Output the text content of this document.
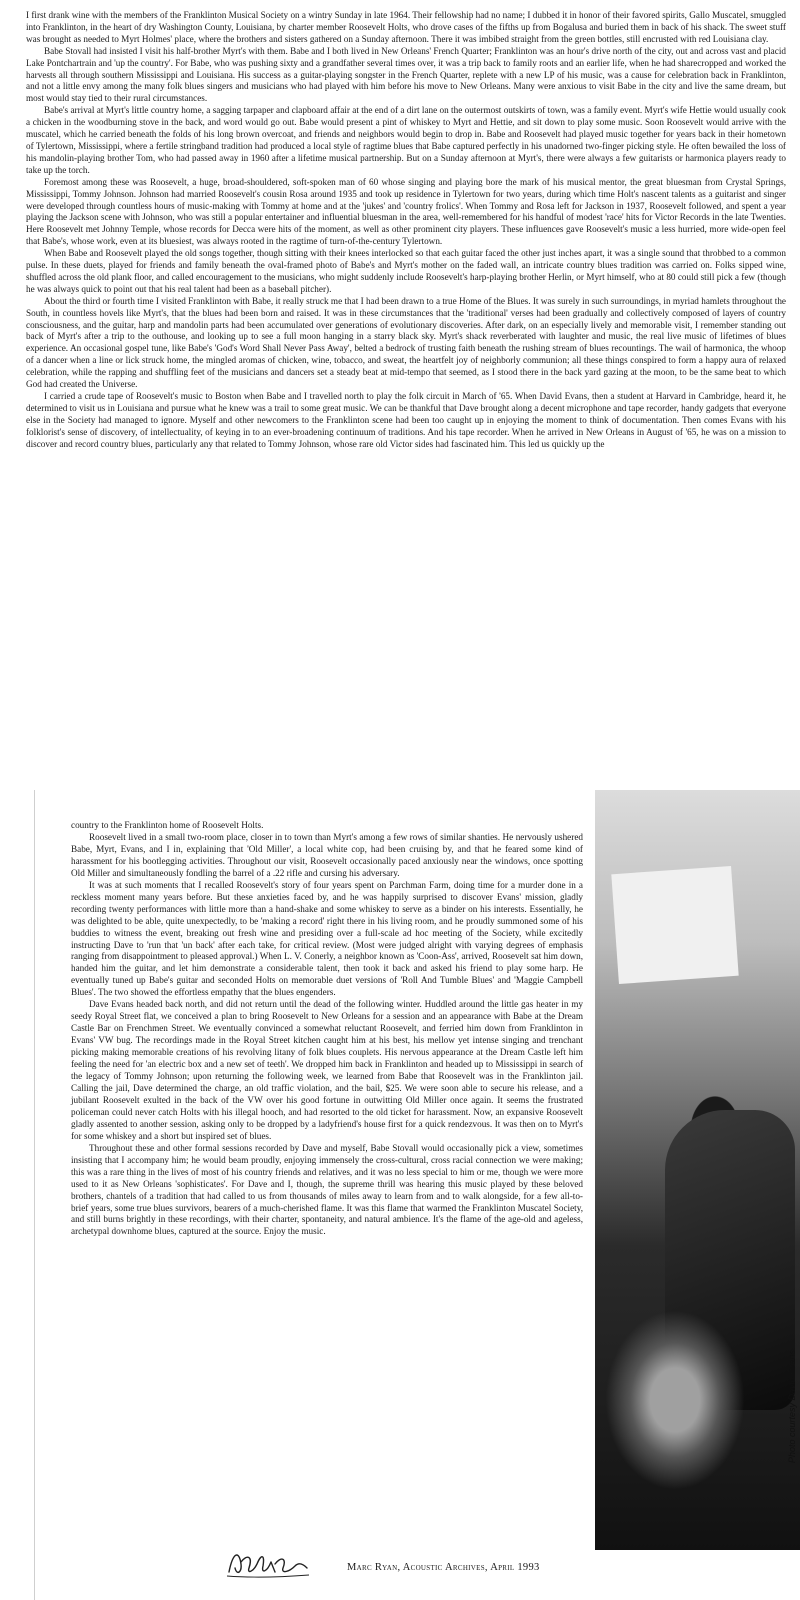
I first drank wine with the members of the Franklinton Musical Society on a wintry Sunday in late 1964. Their fellowship had no name; I dubbed it in honor of their favored spirits, Gallo Muscatel, smuggled into Franklinton, in the heart of dry Washington County, Louisiana, by charter member Roosevelt Holts, who drove cases of the fifths up from Bogalusa and buried them in back of his shack. The sweet stuff was brought as needed to Myrt Holmes' place, where the brothers and sisters gathered on a Sunday afternoon. There it was imbibed straight from the green bottles, still encrusted with red Louisiana clay.

Babe Stovall had insisted I visit his half-brother Myrt's with them. Babe and I both lived in New Orleans' French Quarter; Franklinton was an hour's drive north of the city, out and across vast and placid Lake Pontchartrain and 'up the country'. For Babe, who was pushing sixty and a grandfather several times over, it was a trip back to family roots and an earlier life, when he had sharecropped and worked the harvests all through southern Mississippi and Louisiana. His success as a guitar-playing songster in the French Quarter, replete with a new LP of his music, was a cause for celebration back in Franklinton, and not a little envy among the many folk blues singers and musicians who had played with him before his move to New Orleans. Many were anxious to visit Babe in the city and live the same dream, but most would stay tied to their rural circumstances.

Babe's arrival at Myrt's little country home, a sagging tarpaper and clapboard affair at the end of a dirt lane on the outermost outskirts of town, was a family event. Myrt's wife Hettie would usually cook a chicken in the woodburning stove in the back, and word would go out. Babe would present a pint of whiskey to Myrt and Hettie, and sit down to play some music. Soon Roosevelt would arrive with the muscatel, which he carried beneath the folds of his long brown overcoat, and friends and neighbors would begin to drop in. Babe and Roosevelt had played music together for years back in their hometown of Tylertown, Mississippi, where a fertile stringband tradition had produced a local style of ragtime blues that Babe captured perfectly in his unadorned two-finger picking style. He often bewailed the loss of his mandolin-playing brother Tom, who had passed away in 1960 after a lifetime musical partnership. But on a Sunday afternoon at Myrt's, there were always a few guitarists or harmonica players ready to take up the torch.

Foremost among these was Roosevelt, a huge, broad-shouldered, soft-spoken man of 60 whose singing and playing bore the mark of his musical mentor, the great bluesman from Crystal Springs, Mississippi, Tommy Johnson. Johnson had married Roosevelt's cousin Rosa around 1935 and took up residence in Tylertown for two years, during which time Holt's nascent talents as a guitarist and singer were developed through countless hours of music-making with Tommy at home and at the 'jukes' and 'country frolics'. When Tommy and Rosa left for Jackson in 1937, Roosevelt followed, and spent a year playing the Jackson scene with Johnson, who was still a popular entertainer and influential bluesman in the area, well-remembered for his handful of modest 'race' hits for Victor Records in the late Twenties. Here Roosevelt met Johnny Temple, whose records for Decca were hits of the moment, as well as other prominent city players. These influences gave Roosevelt's music a less hurried, more wide-open feel that Babe's, whose work, even at its bluesiest, was always rooted in the ragtime of turn-of-the-century Tylertown.

When Babe and Roosevelt played the old songs together, though sitting with their knees interlocked so that each guitar faced the other just inches apart, it was a single sound that throbbed to a common pulse. In these duets, played for friends and family beneath the oval-framed photo of Babe's and Myrt's mother on the faded wall, an intricate country blues tradition was carried on. Folks sipped wine, shuffled across the old plank floor, and called encouragement to the musicians, who might suddenly include Roosevelt's harp-playing brother Herlin, or Myrt himself, who at 80 could still pick a few (though he was always quick to point out that his real talent had been as a baseball pitcher).

About the third or fourth time I visited Franklinton with Babe, it really struck me that I had been drawn to a true Home of the Blues. It was surely in such surroundings, in myriad hamlets throughout the South, in countless hovels like Myrt's, that the blues had been born and raised. It was in these circumstances that the 'traditional' verses had been gradually and collectively composed of layers of country consciousness, and the guitar, harp and mandolin parts had been accumulated over generations of evolutionary discoveries. After dark, on an especially lively and memorable visit, I remember standing out back of Myrt's after a trip to the outhouse, and looking up to see a full moon hanging in a starry black sky. Myrt's shack reverberated with laughter and music, the real live music of lifetimes of blues experience. An occasional gospel tune, like Babe's 'God's Word Shall Never Pass Away', belted a bedrock of trusting faith beneath the rushing stream of blues recountings. The wail of harmonica, the whoop of a dancer when a line or lick struck home, the mingled aromas of chicken, wine, tobacco, and sweat, the heartfelt joy of neighborly communion; all these things conspired to form a happy aura of relaxed celebration, while the rapping and shuffling feet of the musicians and dancers set a steady beat at mid-tempo that seemed, as I stood there in the back yard gazing at the moon, to be the same beat to which God had created the Universe.

I carried a crude tape of Roosevelt's music to Boston when Babe and I travelled north to play the folk circuit in March of '65. When David Evans, then a student at Harvard in Cambridge, heard it, he determined to visit us in Louisiana and pursue what he knew was a trail to some great music. We can be thankful that Dave brought along a decent microphone and tape recorder, handy gadgets that everyone else in the Society had managed to ignore. Myself and other newcomers to the Franklinton scene had been too caught up in enjoying the moment to think of documentation. Then comes Evans with his folklorist's sense of discovery, of intellectuality, of keying in to an ever-broadening continuum of traditions. And his tape recorder. When he arrived in New Orleans in August of '65, he was on a mission to discover and record country blues, particularly any that related to Tommy Johnson, whose rare old Victor sides had fascinated him. This led us quickly up the

country to the Franklinton home of Roosevelt Holts.

Roosevelt lived in a small two-room place, closer in to town than Myrt's among a few rows of similar shanties. He nervously ushered Babe, Myrt, Evans, and I in, explaining that 'Old Miller', a local white cop, had been cruising by, and that he feared some kind of harassment for his bootlegging activities. Throughout our visit, Roosevelt occasionally paced anxiously near the windows, once spotting Old Miller and simultaneously fondling the barrel of a .22 rifle and cursing his adversary.

It was at such moments that I recalled Roosevelt's story of four years spent on Parchman Farm, doing time for a murder done in a reckless moment many years before. But these anxieties faced by, and he was happily surprised to discover Evans' mission, gladly recording twenty performances with little more than a hand-shake and some whiskey to serve as a binder on his interests. Essentially, he was delighted to be able, quite unexpectedly, to be 'making a record' right there in his living room, and he proudly summoned some of his buddies to witness the event, breaking out fresh wine and presiding over a full-scale ad hoc meeting of the Society, while excitedly instructing Dave to 'run that 'un back' after each take, for critical review. (Most were judged alright with varying degrees of emphasis ranging from disappointment to pleased approval.) When L. V. Conerly, a neighbor known as 'Coon-Ass', arrived, Roosevelt sat him down, handed him the guitar, and let him demonstrate a considerable talent, then took it back and asked his friend to play some harp. He eventually tuned up Babe's guitar and seconded Holts on memorable duet versions of 'Roll And Tumble Blues' and 'Maggie Campbell Blues'. The two showed the effortless empathy that the blues engenders.

Dave Evans headed back north, and did not return until the dead of the following winter. Huddled around the little gas heater in my seedy Royal Street flat, we conceived a plan to bring Roosevelt to New Orleans for a session and an appearance with Babe at the Dream Castle Bar on Frenchmen Street. We eventually convinced a somewhat reluctant Roosevelt, and ferried him down from Franklinton in Evans' VW bug. The recordings made in the Royal Street kitchen caught him at his best, his mellow yet intense singing and trenchant picking making memorable creations of his revolving litany of folk blues couplets. His nervous appearance at the Dream Castle left him feeling the need for 'an electric box and a new set of teeth'. We dropped him back in Franklinton and headed up to Mississippi in search of the legacy of Tommy Johnson; upon returning the following week, we learned from Babe that Roosevelt was in the Franklinton jail. Calling the jail, Dave determined the charge, an old traffic violation, and the bail, $25. We were soon able to secure his release, and a jubilant Roosevelt exulted in the back of the VW over his good fortune in outwitting Old Miller once again. It seems the frustrated policeman could never catch Holts with his illegal hooch, and had resorted to the old ticket for harassment. Now, an expansive Roosevelt gladly assented to another session, asking only to be dropped by a ladyfriend's house first for a quick rendezvous. It was then on to Myrt's for some whiskey and a short but inspired set of blues.

Throughout these and other formal sessions recorded by Dave and myself, Babe Stovall would occasionally pick a view, sometimes insisting that I accompany him; he would beam proudly, enjoying immensely the cross-cultural, cross racial connection we were making; this was a rare thing in the lives of most of his country friends and relatives, and it was no less special to him or me, though we were more used to it as New Orleans 'sophisticates'. For Dave and I, though, the supreme thrill was hearing this music played by these beloved brothers, chantels of a tradition that had called to us from thousands of miles away to learn from and to walk alongside, for a few all-to-brief years, some true blues survivors, bearers of a much-cherished flame. It was this flame that warmed the Franklinton Muscatel Society, and still burns brightly in these recordings, with their charter, spontaneity, and natural ambience. It's the flame of the age-old and ageless, archetypal downhome blues, captured at the source. Enjoy the music.

Photo courtesy David Evans
Marc Ryan, Acoustic Archives, April 1993
